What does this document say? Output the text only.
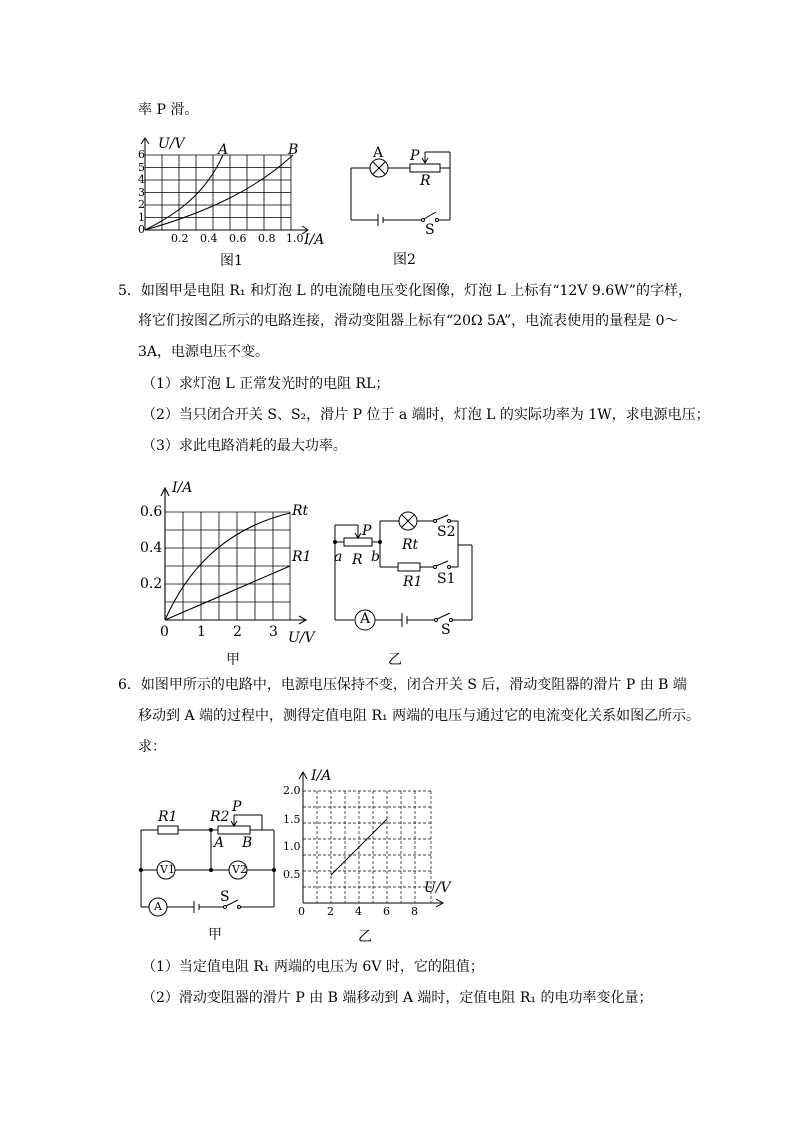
率 P 滑。
U/V A	B
6
5
4
3
2
1
0
0.2 0.4 0.6 0.8 1.0 I/A
图1
A P
R
S
图2
5．如图甲是电阻 R₁ 和灯泡 L 的电流随电压变化图像，灯泡 L 上标有“12V 9.6W”的字样，
将它们按图乙所示的电路连接，滑动变阻器上标有“20Ω 5A”，电流表使用的量程是 0～
3A，电源电压不变。
（1）求灯泡 L 正常发光时的电阻 RL；
（2）当只闭合开关 S、S₂，滑片 P 位于 a 端时，灯泡 L 的实际功率为 1W，求电源电压；
（3）求此电路消耗的最大功率。
I/A
0.6
0.4
0.2
0 1 2 3 U/V
Rt
R1
甲
P
a R b
Rt
S2
R1 S1
A
S
乙
6．如图甲所示的电路中，电源电压保持不变，闭合开关 S 后，滑动变阻器的滑片 P 由 B 端
移动到 A 端的过程中，测得定值电阻 R₁ 两端的电压与通过它的电流变化关系如图乙所示。
求：
R1 R2
P
A B
V1	V2
A
S
甲
I/A
2.0
1.5
1.0
0.5
0 2 4 6 8
U/V
乙
（1）当定值电阻 R₁ 两端的电压为 6V 时，它的阻值；
（2）滑动变阻器的滑片 P 由 B 端移动到 A 端时，定值电阻 R₁ 的电功率变化量；
